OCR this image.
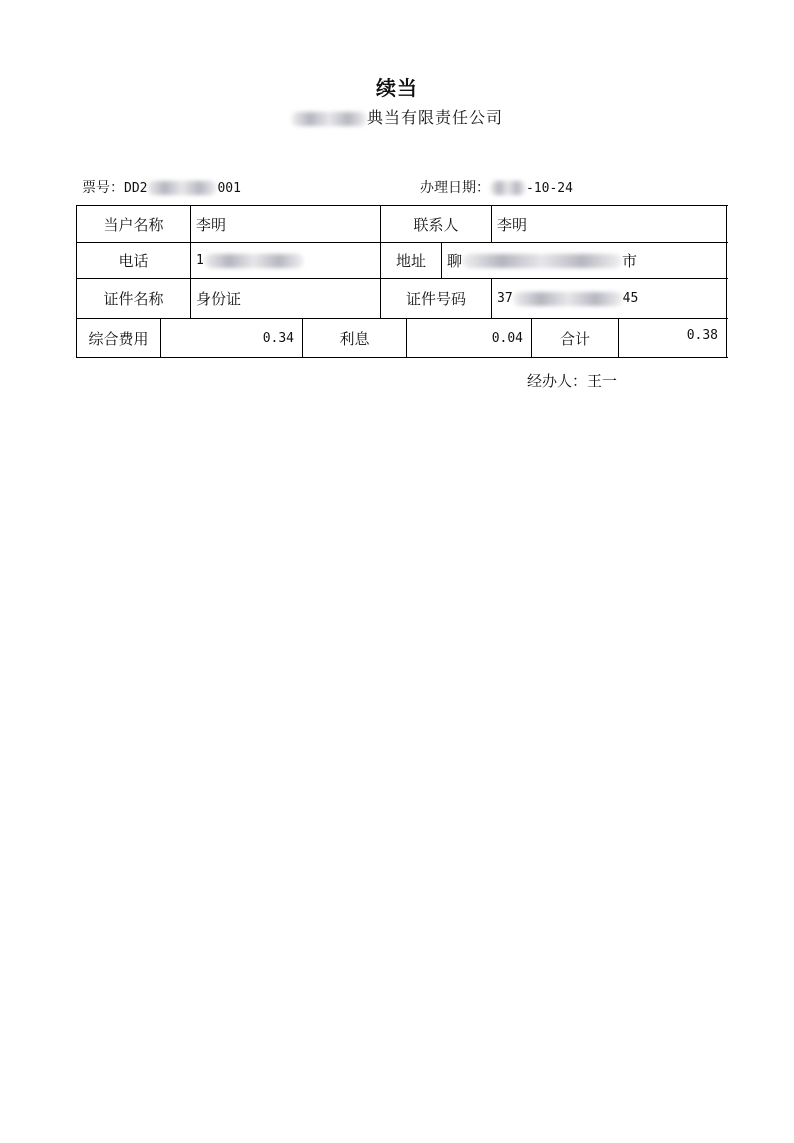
续当
典当有限责任公司
票号：DD2	001	办理日期：	-10-24
当户名称	李明	联系人	李明
电话	1	地址	聊	市
证件名称	身份证	证件号码	37	45
综合费用	0.34	利息	0.04	合计	0.38
经办人：王一
